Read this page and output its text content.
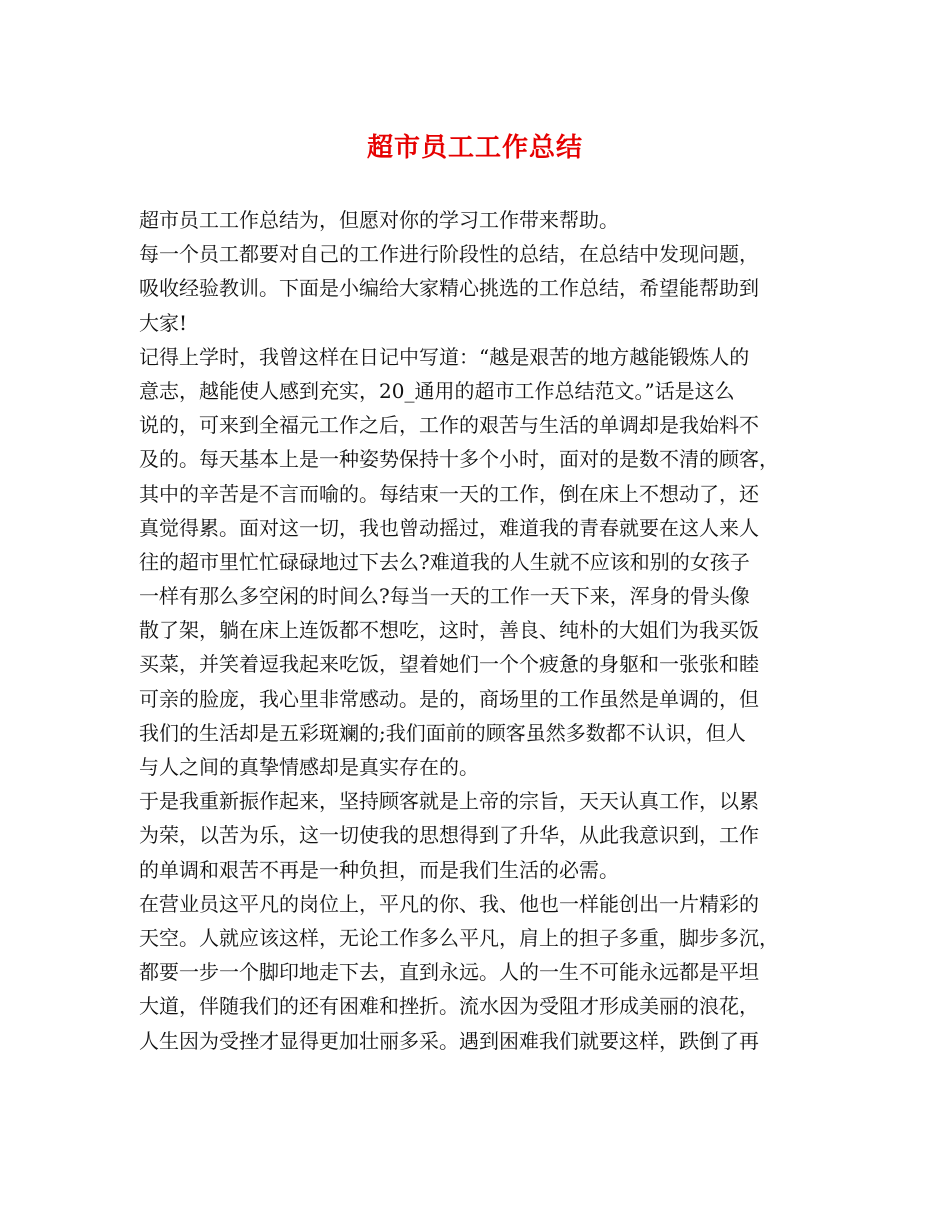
超市员工工作总结
超市员工工作总结为，但愿对你的学习工作带来帮助。
每一个员工都要对自己的工作进行阶段性的总结，在总结中发现问题，
吸收经验教训。下面是小编给大家精心挑选的工作总结，希望能帮助到
大家!
记得上学时，我曾这样在日记中写道：“越是艰苦的地方越能锻炼人的
意志，越能使人感到充实，20_通用的超市工作总结范文。”话是这么
说的，可来到全福元工作之后，工作的艰苦与生活的单调却是我始料不
及的。每天基本上是一种姿势保持十多个小时，面对的是数不清的顾客，
其中的辛苦是不言而喻的。每结束一天的工作，倒在床上不想动了，还
真觉得累。面对这一切，我也曾动摇过，难道我的青春就要在这人来人
往的超市里忙忙碌碌地过下去么?难道我的人生就不应该和别的女孩子
一样有那么多空闲的时间么?每当一天的工作一天下来，浑身的骨头像
散了架，躺在床上连饭都不想吃，这时，善良、纯朴的大姐们为我买饭
买菜，并笑着逗我起来吃饭，望着她们一个个疲惫的身躯和一张张和睦
可亲的脸庞，我心里非常感动。是的，商场里的工作虽然是单调的，但
我们的生活却是五彩斑斓的;我们面前的顾客虽然多数都不认识，但人
与人之间的真挚情感却是真实存在的。
于是我重新振作起来，坚持顾客就是上帝的宗旨，天天认真工作，以累
为荣，以苦为乐，这一切使我的思想得到了升华，从此我意识到，工作
的单调和艰苦不再是一种负担，而是我们生活的必需。
在营业员这平凡的岗位上，平凡的你、我、他也一样能创出一片精彩的
天空。人就应该这样，无论工作多么平凡，肩上的担子多重，脚步多沉，
都要一步一个脚印地走下去，直到永远。人的一生不可能永远都是平坦
大道，伴随我们的还有困难和挫折。流水因为受阻才形成美丽的浪花，
人生因为受挫才显得更加壮丽多采。遇到困难我们就要这样，跌倒了再
